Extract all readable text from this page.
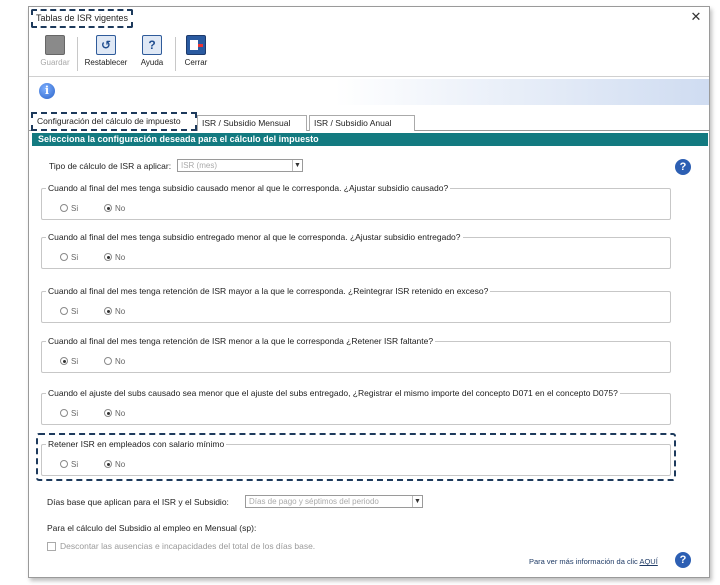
Tablas de ISR vigentes	✕
Guardar
↺
Restablecer
?
Ayuda	Cerrar
i
Configuración del cálculo de impuesto	ISR / Subsidio Mensual	ISR / Subsidio Anual
Selecciona la configuración deseada para el cálculo del impuesto
Tipo de cálculo de ISR a aplicar:	ISR (mes)	▼	?
Cuando al final del mes tenga subsidio causado menor al que le corresponda. ¿Ajustar subsidio causado?
Si	No
Cuando al final del mes tenga subsidio entregado menor al que le corresponda. ¿Ajustar subsidio entregado?
Si	No
Cuando al final del mes tenga retención de ISR mayor a la que le corresponda. ¿Reintegrar ISR retenido en exceso?
Si	No
Cuando al final del mes tenga retención de ISR menor a la que le corresponda ¿Retener ISR faltante?
Si	No
Cuando el ajuste del subs causado sea menor que el ajuste del subs entregado, ¿Registrar el mismo importe del concepto D071 en el concepto D075?
Si	No
Retener ISR en empleados con salario mínimo
Si	No
Días base que aplican para el ISR y el Subsidio:	Días de pago y séptimos del periodo	▼
Para el cálculo del Subsidio al empleo en Mensual (sp):
Descontar las ausencias e incapacidades del total de los días base.
Para ver más información da clic AQUÍ	?
